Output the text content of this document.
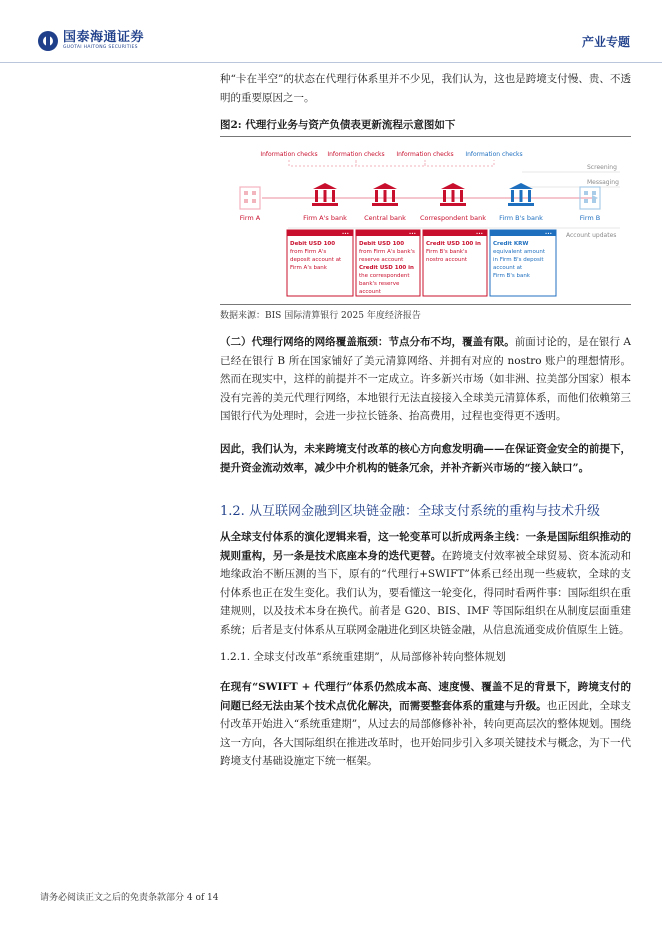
国泰海通证券
GUOTAI HAITONG SECURITIES	产业专题

种“卡在半空”的状态在代理行体系里并不少见，我们认为，这也是跨境支付慢、贵、不透明的重要原因之一。

图2: 代理行业务与资产负债表更新流程示意图如下
Information checks Information checks Information checks Information checks
Screening
Messaging
Firm A	Firm A's bank	Central bank Correspondent bank Firm B's bank	Firm B
Account updates
•••
Debit USD 100
from Firm A's
deposit account at
Firm A's bank
•••
Debit USD 100
from Firm A's bank's
reserve account
Credit USD 100 in
the correspondent
bank's reserve
account
•••
Credit USD 100 in
Firm B's bank's
nostro account
•••
Credit KRW
equivalent amount
in Firm B's deposit
account at
Firm B's bank
数据来源：BIS 国际清算银行 2025 年度经济报告

（二）代理行网络的网络覆盖瓶颈：节点分布不均，覆盖有限。前面讨论的，是在银行 A 已经在银行 B 所在国家铺好了美元清算网络、并拥有对应的 nostro 账户的理想情形。然而在现实中，这样的前提并不一定成立。许多新兴市场（如非洲、拉美部分国家）根本没有完善的美元代理行网络，本地银行无法直接接入全球美元清算体系，而他们依赖第三国银行代为处理时，会进一步拉长链条、抬高费用，过程也变得更不透明。

因此，我们认为，未来跨境支付改革的核心方向愈发明确——在保证资金安全的前提下，提升资金流动效率，减少中介机构的链条冗余，并补齐新兴市场的“接入缺口”。

1.2. 从互联网金融到区块链金融：全球支付系统的重构与技术升级

从全球支付体系的演化逻辑来看，这一轮变革可以折成两条主线：一条是国际组织推动的规则重构，另一条是技术底座本身的迭代更替。在跨境支付效率被全球贸易、资本流动和地缘政治不断压测的当下，原有的“代理行+SWIFT”体系已经出现一些疲软，全球的支付体系也正在发生变化。我们认为，要看懂这一轮变化，得同时看两件事：国际组织在重建规则，以及技术本身在换代。前者是 G20、BIS、IMF 等国际组织在从制度层面重建系统；后者是支付体系从互联网金融进化到区块链金融，从信息流通变成价值原生上链。

1.2.1. 全球支付改革“系统重建期”，从局部修补转向整体规划

在现有“SWIFT + 代理行”体系仍然成本高、速度慢、覆盖不足的背景下，跨境支付的问题已经无法由某个技术点优化解决，而需要整套体系的重建与升级。也正因此，全球支付改革开始进入“系统重建期”，从过去的局部修修补补，转向更高层次的整体规划。围绕这一方向，各大国际组织在推进改革时，也开始同步引入多项关键技术与概念，为下一代跨境支付基础设施定下统一框架。

请务必阅读正文之后的免责条款部分 4 of 14
